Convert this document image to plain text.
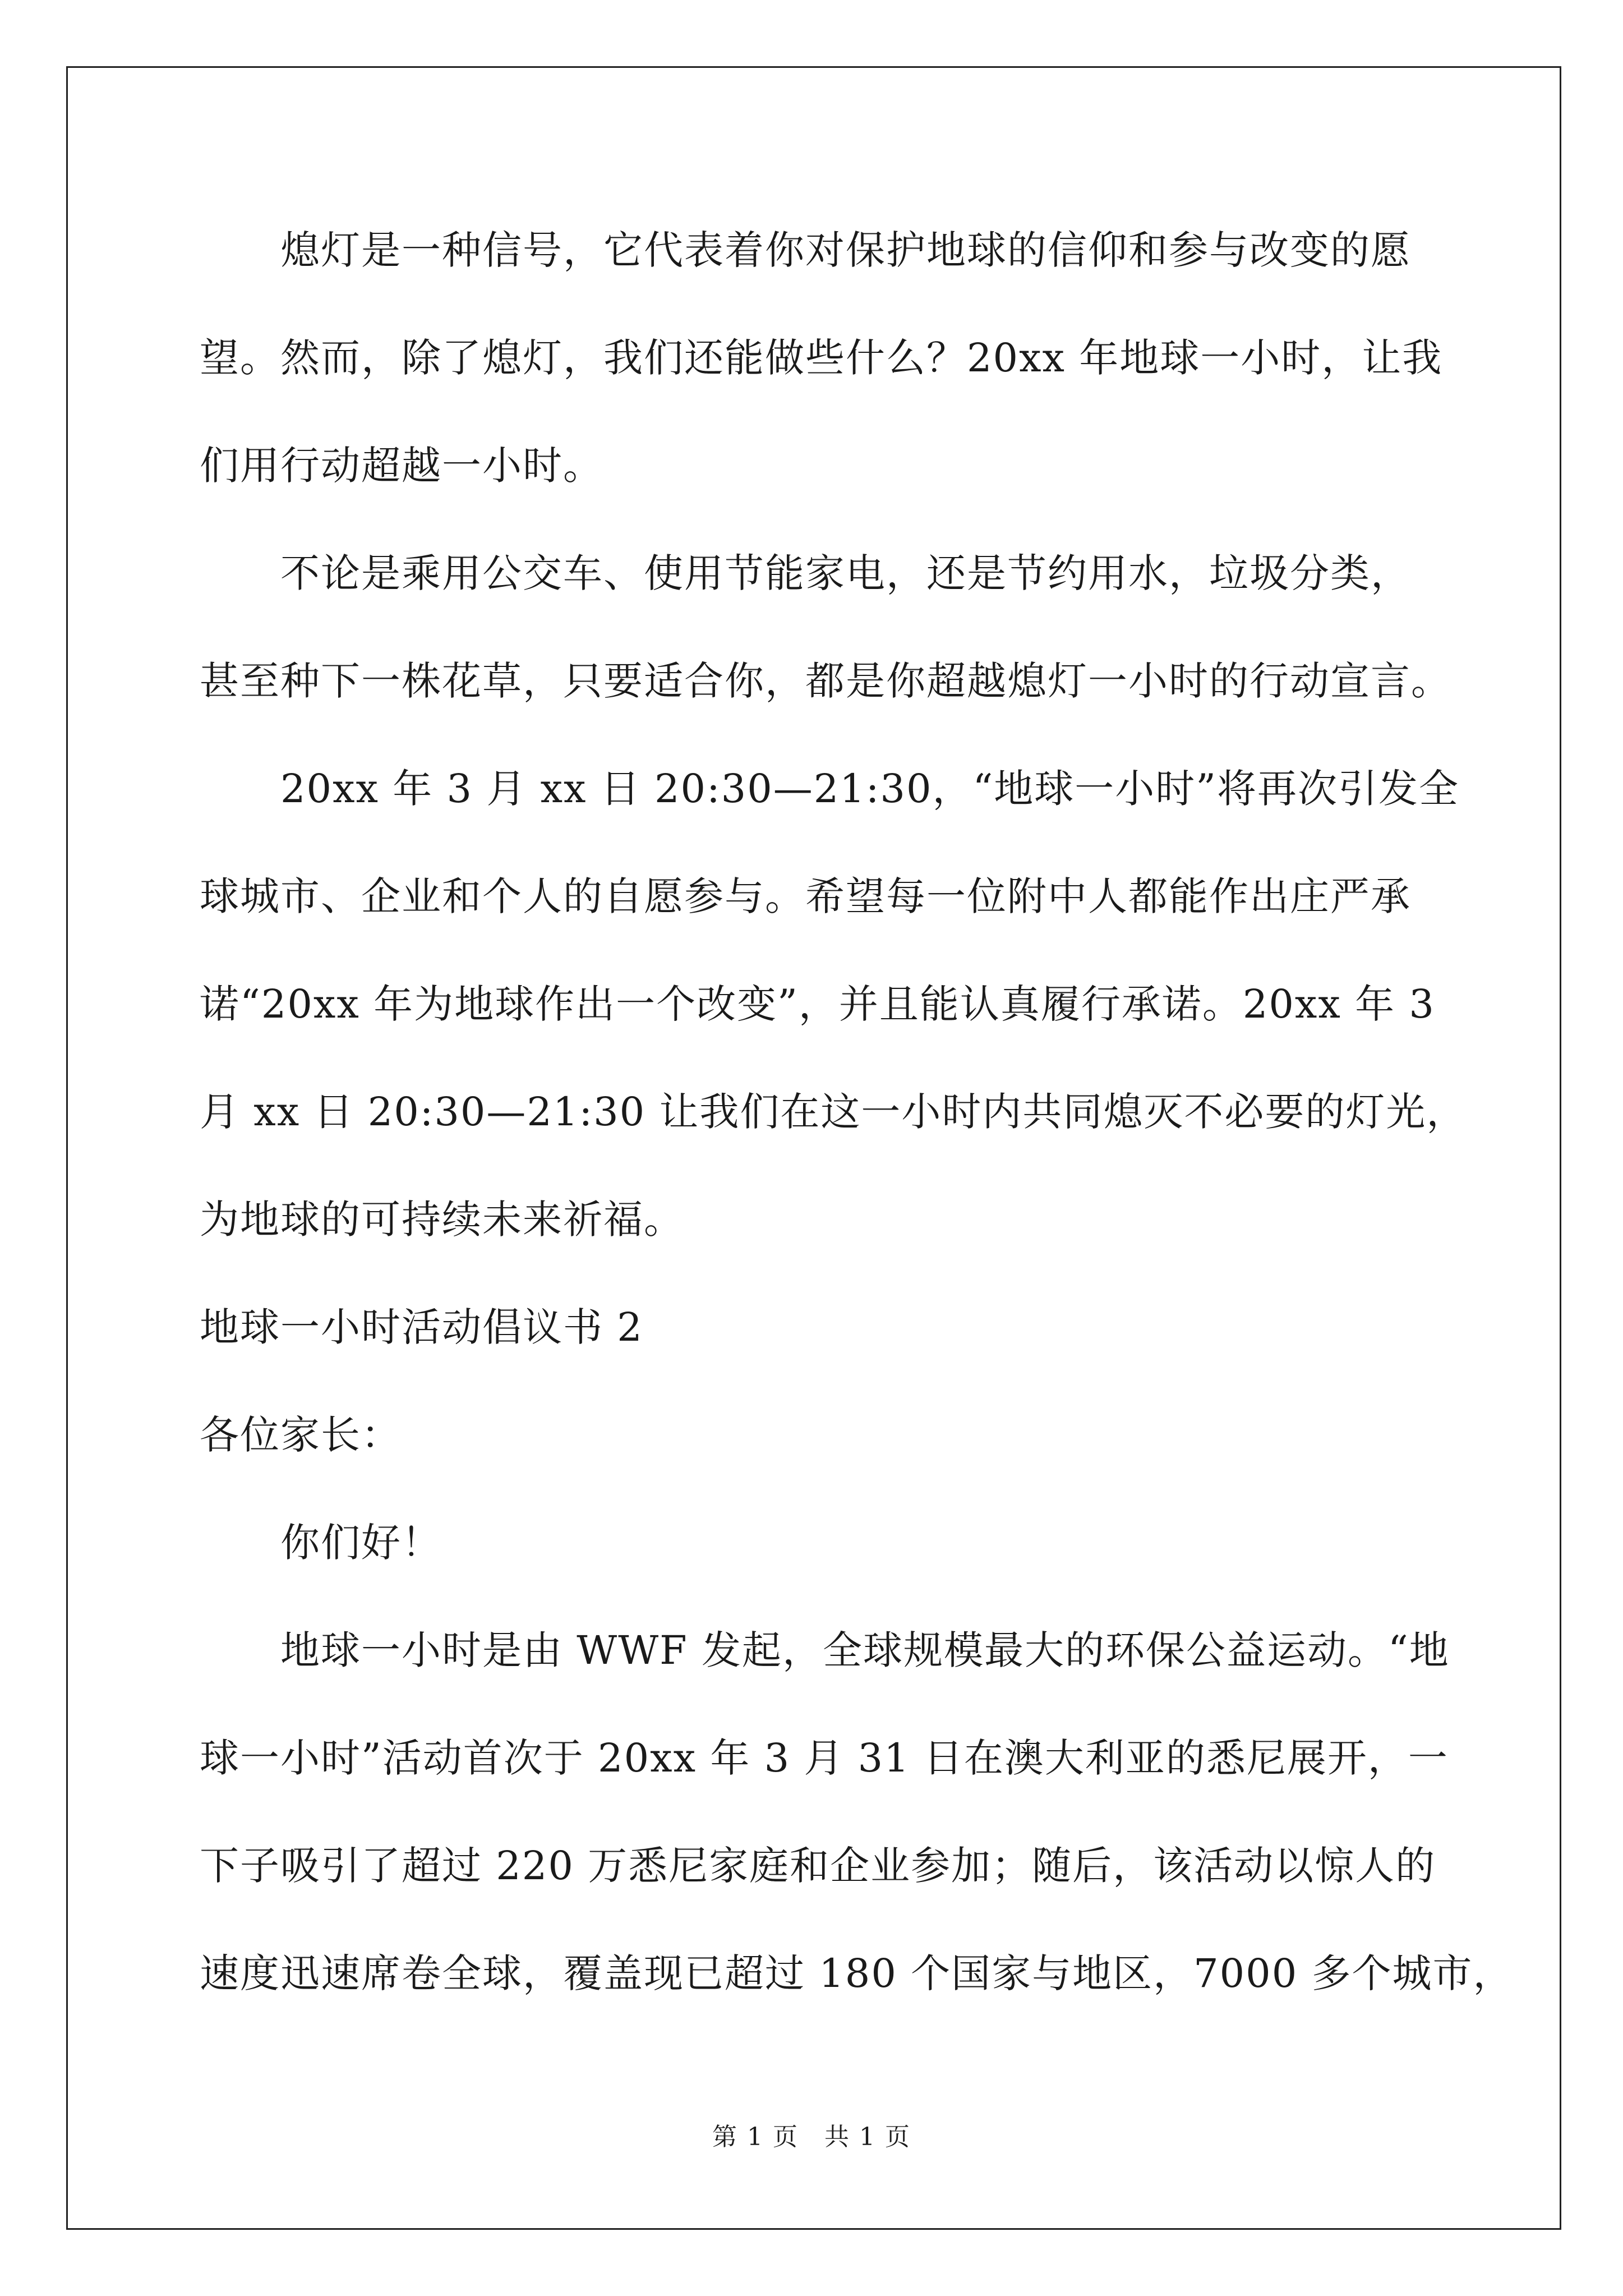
熄灯是一种信号，它代表着你对保护地球的信仰和参与改变的愿
望。然而，除了熄灯，我们还能做些什么？20xx 年地球一小时，让我
们用行动超越一小时。
不论是乘用公交车、使用节能家电，还是节约用水，垃圾分类，
甚至种下一株花草，只要适合你，都是你超越熄灯一小时的行动宣言。
20xx 年 3 月 xx 日 20:30—21:30，“地球一小时”将再次引发全
球城市、企业和个人的自愿参与。希望每一位附中人都能作出庄严承
诺“20xx 年为地球作出一个改变”，并且能认真履行承诺。20xx 年 3
月 xx 日 20:30—21:30 让我们在这一小时内共同熄灭不必要的灯光，
为地球的可持续未来祈福。
地球一小时活动倡议书 2
各位家长：
你们好！
地球一小时是由 WWF 发起，全球规模最大的环保公益运动。“地
球一小时”活动首次于 20xx 年 3 月 31 日在澳大利亚的悉尼展开，一
下子吸引了超过 220 万悉尼家庭和企业参加；随后，该活动以惊人的
速度迅速席卷全球，覆盖现已超过 180 个国家与地区，7000 多个城市，
第 1 页　共 1 页
